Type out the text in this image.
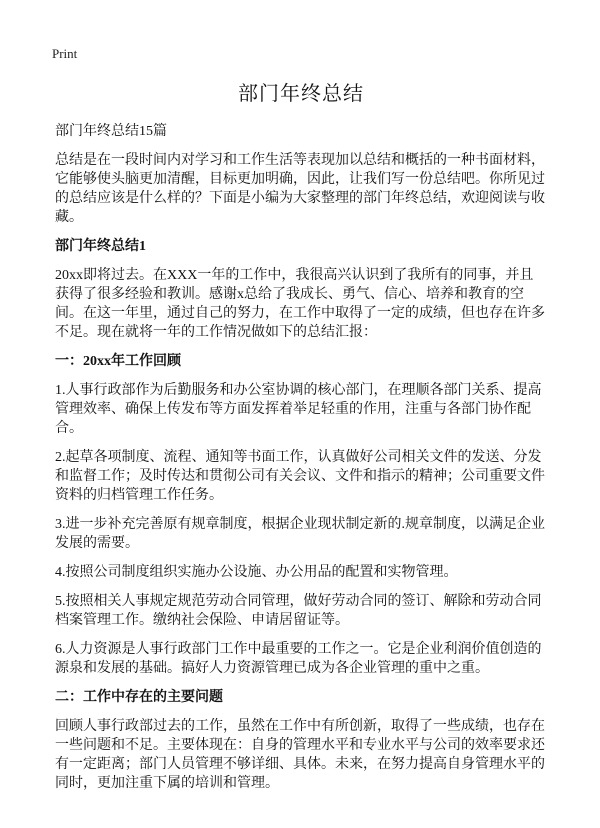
Print
部门年终总结

部门年终总结15篇

总结是在一段时间内对学习和工作生活等表现加以总结和概括的一种书面材料，它能够使头脑更加清醒，目标更加明确，因此，让我们写一份总结吧。你所见过的总结应该是什么样的？下面是小编为大家整理的部门年终总结，欢迎阅读与收藏。

部门年终总结1

20xx即将过去。在XXX一年的工作中，我很高兴认识到了我所有的同事，并且获得了很多经验和教训。感谢x总给了我成长、勇气、信心、培养和教育的空间。在这一年里，通过自己的努力，在工作中取得了一定的成绩，但也存在许多不足。现在就将一年的工作情况做如下的总结汇报：

一：20xx年工作回顾

1.人事行政部作为后勤服务和办公室协调的核心部门，在理顺各部门关系、提高管理效率、确保上传发布等方面发挥着举足轻重的作用，注重与各部门协作配合。

2.起草各项制度、流程、通知等书面工作，认真做好公司相关文件的发送、分发和监督工作；及时传达和贯彻公司有关会议、文件和指示的精神；公司重要文件资料的归档管理工作任务。

3.进一步补充完善原有规章制度，根据企业现状制定新的.规章制度，以满足企业发展的需要。

4.按照公司制度组织实施办公设施、办公用品的配置和实物管理。

5.按照相关人事规定规范劳动合同管理，做好劳动合同的签订、解除和劳动合同档案管理工作。缴纳社会保险、申请居留证等。

6.人力资源是人事行政部门工作中最重要的工作之一。它是企业利润价值创造的源泉和发展的基础。搞好人力资源管理已成为各企业管理的重中之重。

二：工作中存在的主要问题

回顾人事行政部过去的工作，虽然在工作中有所创新，取得了一些成绩，也存在一些问题和不足。主要体现在：自身的管理水平和专业水平与公司的效率要求还有一定距离；部门人员管理不够详细、具体。未来，在努力提高自身管理水平的同时，更加注重下属的培训和管理。
